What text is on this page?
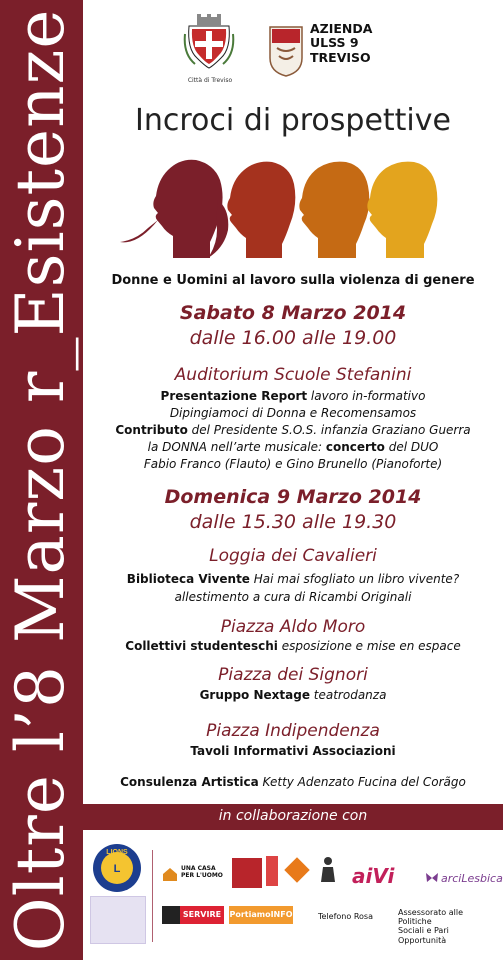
Oltre l’8 Marzo r_Esistenze	Città di Treviso
AZIENDA
ULSS 9
TREVISO
Incroci di prospettive
Donne e Uomini al lavoro sulla violenza di genere
Sabato 8 Marzo 2014
dalle 16.00 alle 19.00
Auditorium Scuole Stefanini
Presentazione Report lavoro in-formativo
Dipingiamoci di Donna e Recomensamos
Contributo del Presidente S.O.S. infanzia Graziano Guerra
la DONNA nell’arte musicale: concerto del DUO
Fabio Franco (Flauto) e Gino Brunello (Pianoforte)
Domenica 9 Marzo 2014
dalle 15.30 alle 19.30
Loggia dei Cavalieri
Biblioteca Vivente Hai mai sfogliato un libro vivente?
allestimento a cura di Ricambi Originali
Piazza Aldo Moro
Collettivi studenteschi esposizione e mise en espace
Piazza dei Signori
Gruppo Nextage teatrodanza
Piazza Indipendenza
Tavoli Informativi Associazioni
Consulenza Artistica Ketty Adenzato Fucina del Corãgo
in collaborazione con
LIONS
L	UNA CASA PER L'UOMO	aiVi	arciLesbica
SERVIRE	PortiamoINFO	Telefono Rosa	Assessorato alle Politiche
Sociali e Pari Opportunità
